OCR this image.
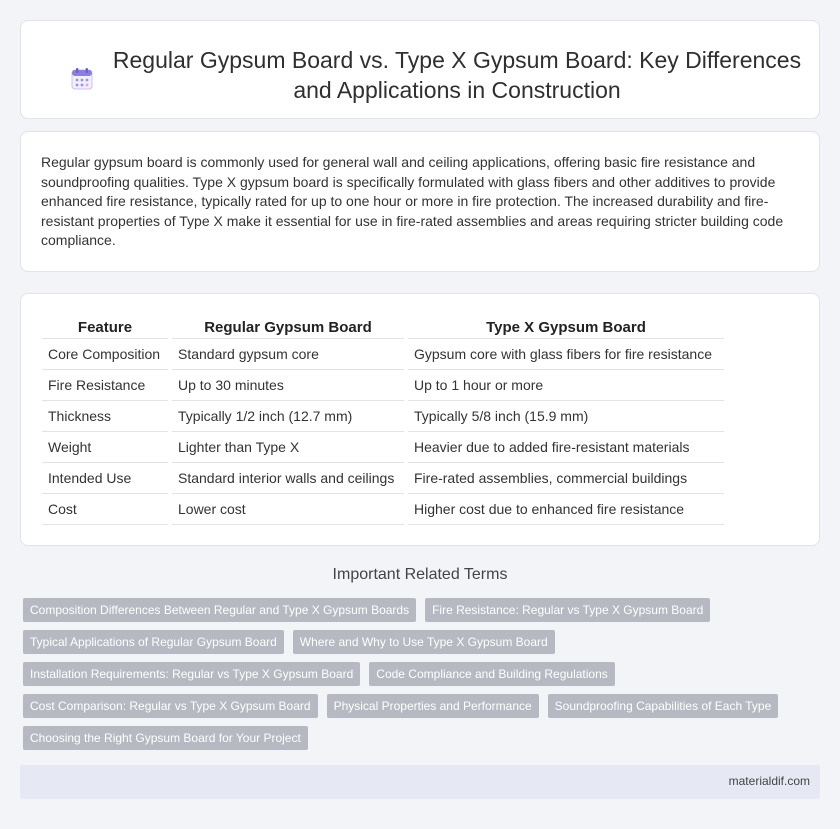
Regular Gypsum Board vs. Type X Gypsum Board: Key Differences and Applications in Construction

Regular gypsum board is commonly used for general wall and ceiling applications, offering basic fire resistance and soundproofing qualities. Type X gypsum board is specifically formulated with glass fibers and other additives to provide enhanced fire resistance, typically rated for up to one hour or more in fire protection. The increased durability and fire-resistant properties of Type X make it essential for use in fire-rated assemblies and areas requiring stricter building code compliance.

Feature	Regular Gypsum Board	Type X Gypsum Board
Core Composition	Standard gypsum core	Gypsum core with glass fibers for fire resistance
Fire Resistance	Up to 30 minutes	Up to 1 hour or more
Thickness	Typically 1/2 inch (12.7 mm)	Typically 5/8 inch (15.9 mm)
Weight	Lighter than Type X	Heavier due to added fire-resistant materials
Intended Use	Standard interior walls and ceilings	Fire-rated assemblies, commercial buildings
Cost	Lower cost	Higher cost due to enhanced fire resistance
Important Related Terms
Composition Differences Between Regular and Type X Gypsum Boards	Fire Resistance: Regular vs Type X Gypsum Board
Typical Applications of Regular Gypsum Board	Where and Why to Use Type X Gypsum Board
Installation Requirements: Regular vs Type X Gypsum Board	Code Compliance and Building Regulations
Cost Comparison: Regular vs Type X Gypsum Board	Physical Properties and Performance	Soundproofing Capabilities of Each Type
Choosing the Right Gypsum Board for Your Project
materialdif.com
